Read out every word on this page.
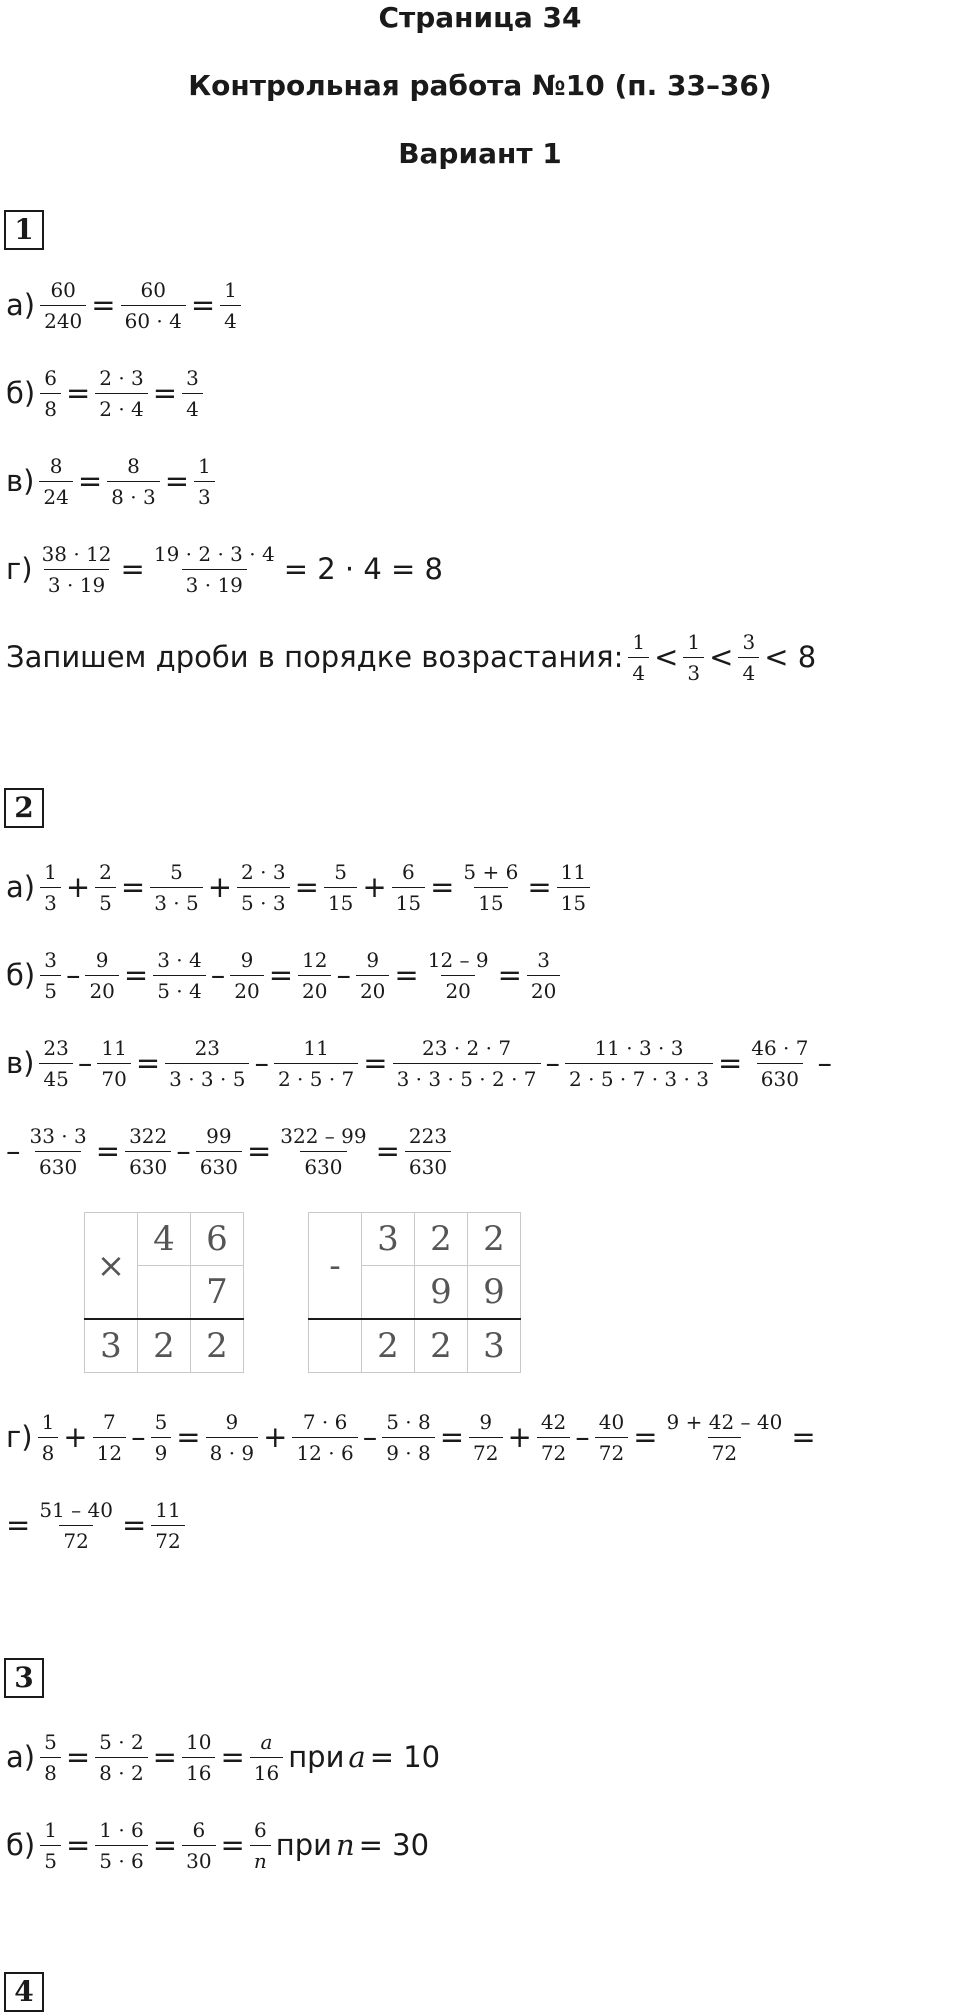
Страница 34
Контрольная работа №10 (п. 33–36)
Вариант 1
1
$а) \frac{60}{240} = \frac{60}{60 \cdot 4} = \frac{1}{4}$
$б) \frac{6}{8} = \frac{2 \cdot 3}{2 \cdot 4} = \frac{3}{4}$
$в) \frac{8}{24} = \frac{8}{8 \cdot 3} = \frac{1}{3}$
$г) \frac{38 \cdot 12}{3 \cdot 19} = \frac{19 \cdot 2 \cdot 3 \cdot 4}{3 \cdot 19} = 2 \cdot 4 = 8$
Запишем дроби в порядке возрастания: $\frac{1}{4} < \frac{1}{3} < \frac{3}{4} < 8$
2
$а) \frac{1}{3} + \frac{2}{5} = \frac{5}{3 \cdot 5} + \frac{2 \cdot 3}{5 \cdot 3} = \frac{5}{15} + \frac{6}{15} = \frac{5 + 6}{15} = \frac{11}{15}$
$б) \frac{3}{5} - \frac{9}{20} = \frac{3 \cdot 4}{5 \cdot 4} - \frac{9}{20} = \frac{12}{20} - \frac{9}{20} = \frac{12 - 9}{20} = \frac{3}{20}$
$в) \frac{23}{45} - \frac{11}{70} = \frac{23}{3 \cdot 3 \cdot 5} - \frac{11}{2 \cdot 5 \cdot 7} = \frac{23 \cdot 2 \cdot 7}{3 \cdot 3 \cdot 5 \cdot 2 \cdot 7} - \frac{11 \cdot 3 \cdot 3}{2 \cdot 5 \cdot 7 \cdot 3 \cdot 3} = \frac{46 \cdot 7}{630}$ –
– $\frac{33 \cdot 3}{630} = \frac{322}{630} - \frac{99}{630} = \frac{322 - 99}{630} = \frac{223}{630}$
×	4	6
		7
3	2	2
-	3	2	2
		9	9
	2	2	3
$г) \frac{1}{8} + \frac{7}{12} - \frac{5}{9} = \frac{9}{8 \cdot 9} + \frac{7 \cdot 6}{12 \cdot 6} - \frac{5 \cdot 8}{9 \cdot 8} = \frac{9}{72} + \frac{42}{72} - \frac{40}{72} = \frac{9 + 42 - 40}{72}$ =
= $\frac{51 - 40}{72} = \frac{11}{72}$
3
$а) \frac{5}{8} = \frac{5 \cdot 2}{8 \cdot 2} = \frac{10}{16} = \frac{a}{16}$ при a = 10
$б) \frac{1}{5} = \frac{1 \cdot 6}{5 \cdot 6} = \frac{6}{30} = \frac{6}{n}$ при n = 30
4
